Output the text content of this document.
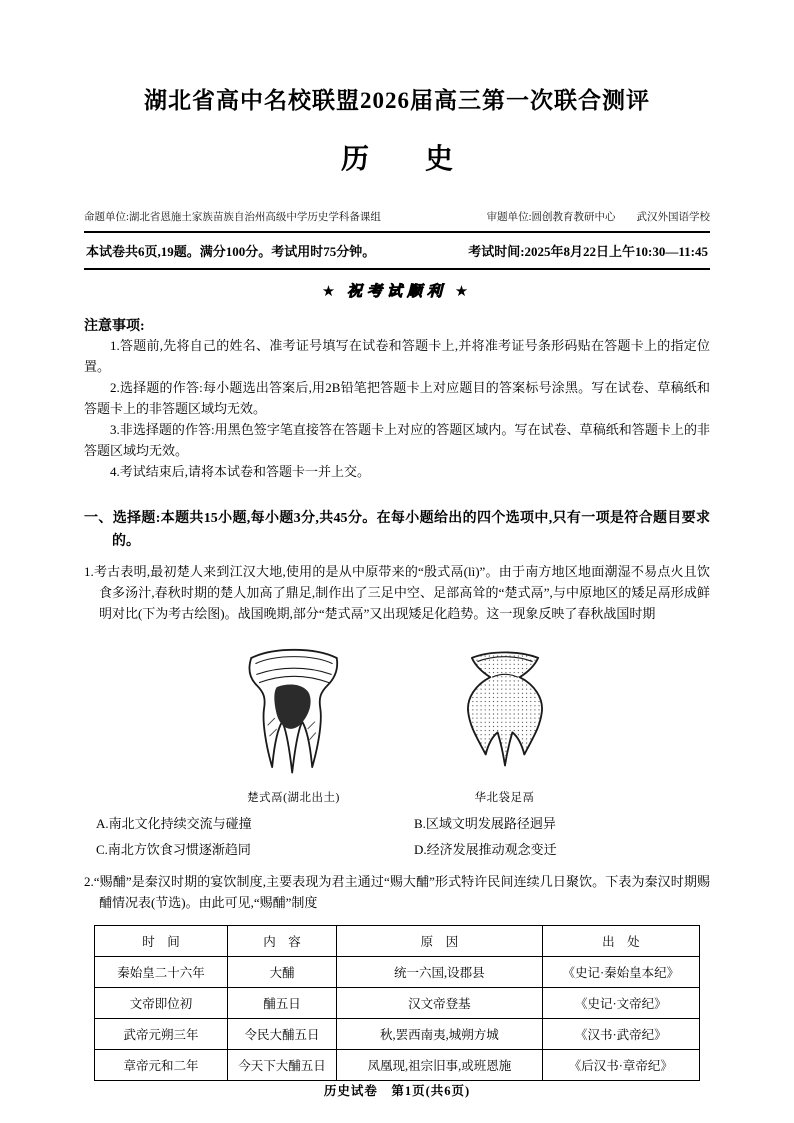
湖北省高中名校联盟2026届高三第一次联合测评
历　　史
命题单位:湖北省恩施土家族苗族自治州高级中学历史学科备课组	审题单位:圆创教育教研中心　　武汉外国语学校
本试卷共6页,19题。满分100分。考试用时75分钟。	考试时间:2025年8月22日上午10:30—11:45
★ 祝考试顺利 ★
注意事项:

1.答题前,先将自己的姓名、准考证号填写在试卷和答题卡上,并将准考证号条形码贴在答题卡上的指定位置。

2.选择题的作答:每小题选出答案后,用2B铅笔把答题卡上对应题目的答案标号涂黑。写在试卷、草稿纸和答题卡上的非答题区域均无效。

3.非选择题的作答:用黑色签字笔直接答在答题卡上对应的答题区域内。写在试卷、草稿纸和答题卡上的非答题区域均无效。

4.考试结束后,请将本试卷和答题卡一并上交。

一、选择题:本题共15小题,每小题3分,共45分。在每小题给出的四个选项中,只有一项是符合题目要求的。

1.考古表明,最初楚人来到江汉大地,使用的是从中原带来的“殷式鬲(lì)”。由于南方地区地面潮湿不易点火且饮食多汤汁,春秋时期的楚人加高了鼎足,制作出了三足中空、足部高耸的“楚式鬲”,与中原地区的矮足鬲形成鲜明对比(下为考古绘图)。战国晚期,部分“楚式鬲”又出现矮足化趋势。这一现象反映了春秋战国时期

楚式鬲(湖北出土)	华北袋足鬲
A.南北文化持续交流与碰撞	B.区域文明发展路径迥异
C.南北方饮食习惯逐渐趋同	D.经济发展推动观念变迁

2.“赐酺”是秦汉时期的宴饮制度,主要表现为君主通过“赐大酺”形式特许民间连续几日聚饮。下表为秦汉时期赐酺情况表(节选)。由此可见,“赐酺”制度

时　间	内　容	原　因	出　处
秦始皇二十六年	大酺	统一六国,设郡县	《史记·秦始皇本纪》
文帝即位初	酺五日	汉文帝登基	《史记·文帝纪》
武帝元朔三年	令民大酺五日	秋,罢西南夷,城朔方城	《汉书·武帝纪》
章帝元和二年	今天下大酺五日	凤凰现,祖宗旧事,或班恩施	《后汉书·章帝纪》
历史试卷　第1页(共6页)
